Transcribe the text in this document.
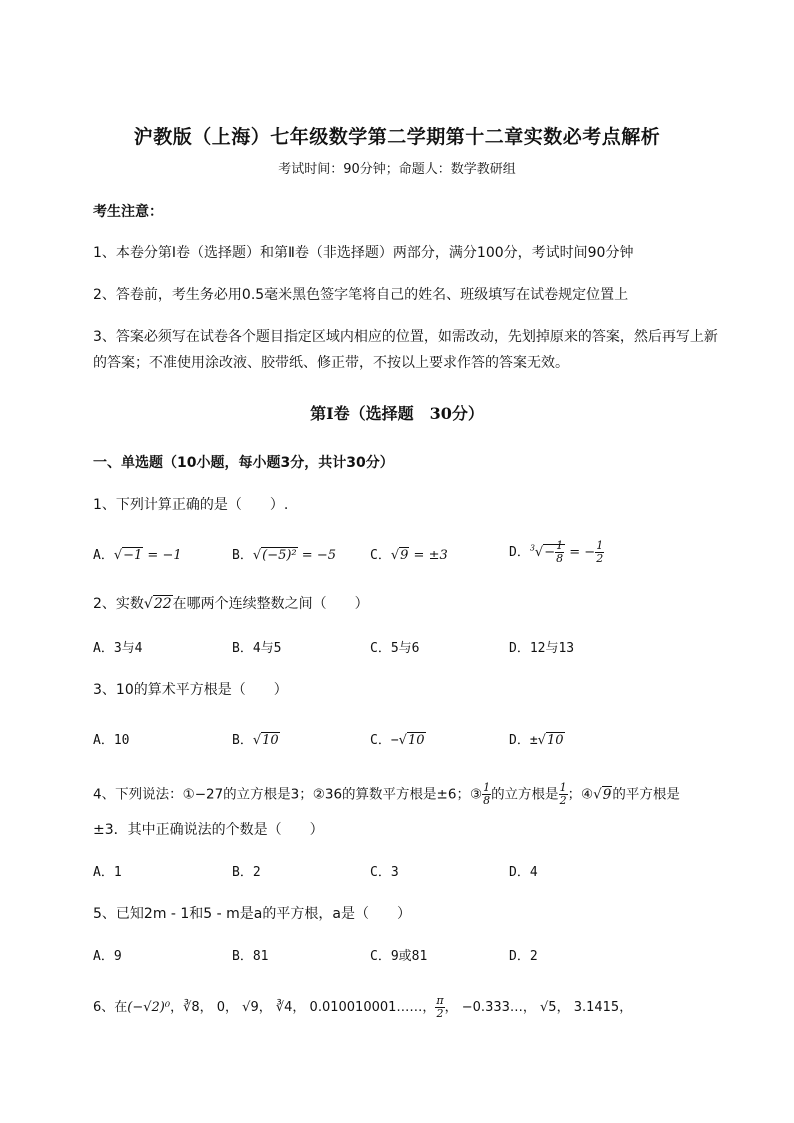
沪教版（上海）七年级数学第二学期第十二章实数必考点解析
考试时间：90分钟；命题人：数学教研组
考生注意：
1、本卷分第I卷（选择题）和第Ⅱ卷（非选择题）两部分，满分100分，考试时间90分钟
2、答卷前，考生务必用0.5毫米黑色签字笔将自己的姓名、班级填写在试卷规定位置上
3、答案必须写在试卷各个题目指定区域内相应的位置，如需改动，先划掉原来的答案，然后再写上新
的答案；不准使用涂改液、胶带纸、修正带，不按以上要求作答的答案无效。
第I卷（选择题　30分）
一、单选题（10小题，每小题3分，共计30分）
1、下列计算正确的是（　　）.
A．√−1 = −1	B．√(−5)² = −5	C．√9 = ±3	D．$^3√- \frac{1}{8}$ = − $\frac{1}{2}$
2、实数√22在哪两个连续整数之间（　　）
A．3与4	B．4与5	C．5与6	D．12与13
3、10的算术平方根是（　　）
A．10	B．√10	C．−√10	D．±√10
4、下列说法：①−27的立方根是3；②36的算数平方根是±6；③ $\frac{1}{8}$ 的立方根是 $\frac{1}{2}$ ；④√9的平方根是
±3．其中正确说法的个数是（　　）
A．1	B．2	C．3	D．4
5、已知2m - 1和5 - m是a的平方根，a是（　　）
A．9	B．81	C．9或81	D．2
6、在(−√2)⁰，∛8， 0， √9， ∛4， 0.010010001……， $\frac{\pi}{2}$ ， −0.333…， √5， 3.1415，
